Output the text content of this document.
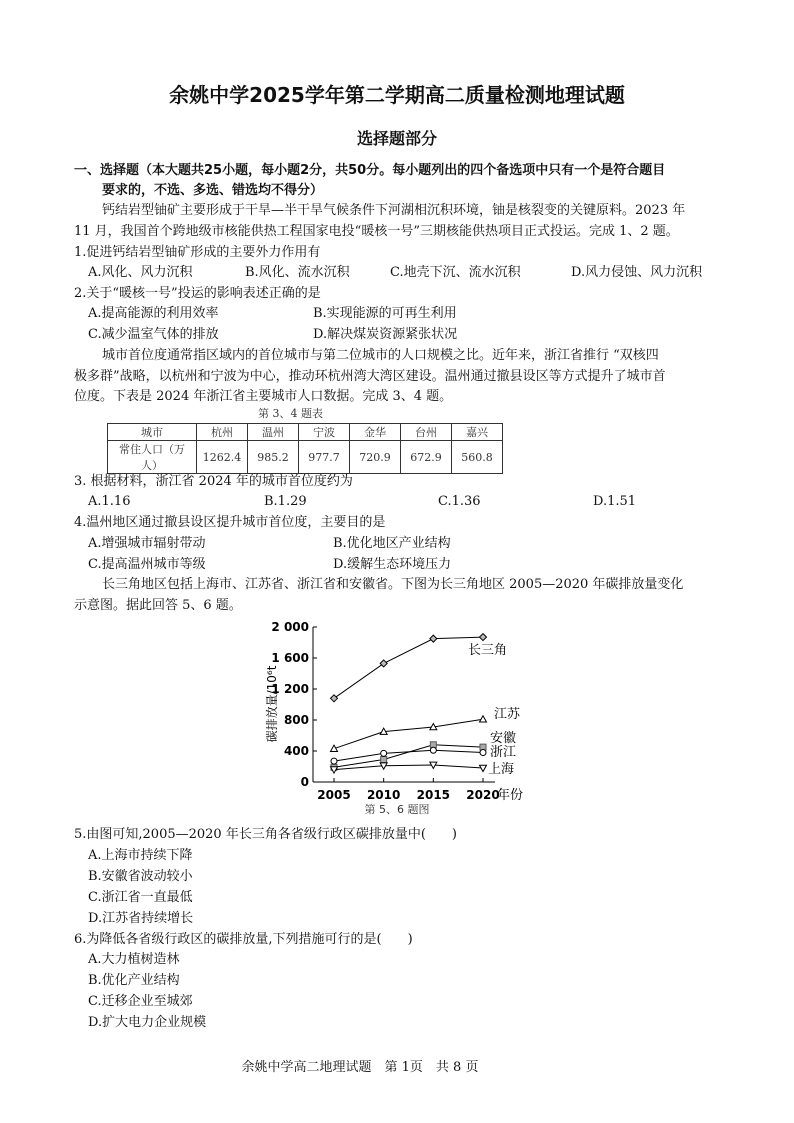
余姚中学2025学年第二学期高二质量检测地理试题
选择题部分
一、选择题（本大题共25小题，每小题2分，共50分。每小题列出的四个备选项中只有一个是符合题目
要求的，不选、多选、错选均不得分）
钙结岩型铀矿主要形成于干旱—半干旱气候条件下河湖相沉积环境，铀是核裂变的关键原料。2023 年
11 月，我国首个跨地级市核能供热工程国家电投“暖核一号”三期核能供热项目正式投运。完成 1、2 题。
1.促进钙结岩型铀矿形成的主要外力作用有
A.风化、风力沉积	B.风化、流水沉积	C.地壳下沉、流水沉积	D.风力侵蚀、风力沉积
2.关于“暖核一号”投运的影响表述正确的是
A.提高能源的利用效率	B.实现能源的可再生利用
C.减少温室气体的排放	D.解决煤炭资源紧张状况
城市首位度通常指区域内的首位城市与第二位城市的人口规模之比。近年来，浙江省推行 “双核四
极多群”战略，以杭州和宁波为中心，推动环杭州湾大湾区建设。温州通过撤县设区等方式提升了城市首
位度。下表是 2024 年浙江省主要城市人口数据。完成 3、4 题。
第 3、4 题表
城市	杭州	温州	宁波	金华	台州	嘉兴
常住人口（万人）	1262.4	985.2	977.7	720.9	672.9	560.8
3. 根据材料，浙江省 2024 年的城市首位度约为
A.1.16	B.1.29	C.1.36	D.1.51
4.温州地区通过撤县设区提升城市首位度，主要目的是
A.增强城市辐射带动	B.优化地区产业结构
C.提高温州城市等级	D.缓解生态环境压力
长三角地区包括上海市、江苏省、浙江省和安徽省。下图为长三角地区 2005—2020 年碳排放量变化
示意图。据此回答 5、6 题。
0
400
800
1 200
1 600
2 000
2005 2010 2015 2020
年份
碳排放量/10⁶t
长三角
江苏
安徽
浙江
上海
第 5、6 题图
5.由图可知,2005—2020 年长三角各省级行政区碳排放量中(　　)
A.上海市持续下降
B.安徽省波动较小
C.浙江省一直最低
D.江苏省持续增长
6.为降低各省级行政区的碳排放量,下列措施可行的是(　　)
A.大力植树造林
B.优化产业结构
C.迁移企业至城郊
D.扩大电力企业规模
余姚中学高二地理试题　第 1页　共 8 页
